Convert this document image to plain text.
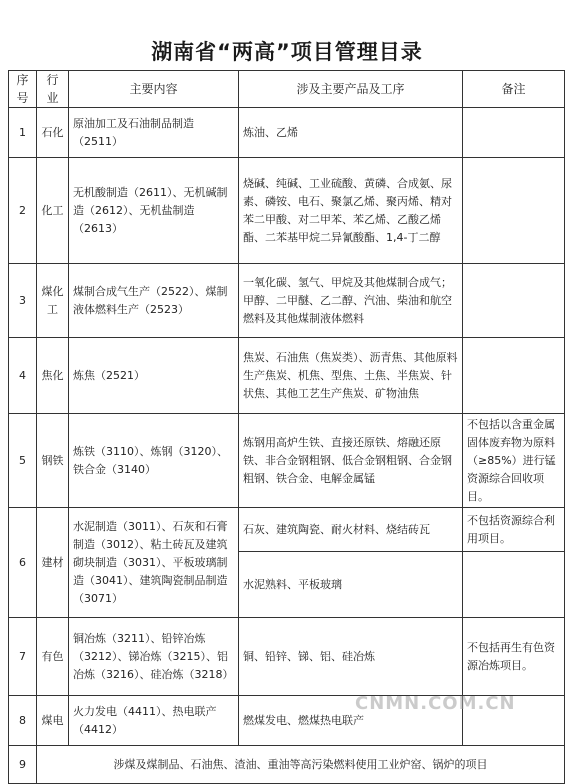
湖南省“两高”项目管理目录
序号	行业	主要内容	涉及主要产品及工序	备注
1	石化	原油加工及石油制品制造（2511）	炼油、乙烯	
2	化工	无机酸制造（2611）、无机碱制造（2612）、无机盐制造（2613）	烧碱、纯碱、工业硫酸、黄磷、合成氨、尿素、磷铵、电石、聚氯乙烯、聚丙烯、精对苯二甲酸、对二甲苯、苯乙烯、乙酸乙烯酯、二苯基甲烷二异氰酸酯、1,4-丁二醇	
3	煤化工	煤制合成气生产（2522）、煤制液体燃料生产（2523）	一氧化碳、氢气、甲烷及其他煤制合成气；甲醇、二甲醚、乙二醇、汽油、柴油和航空燃料及其他煤制液体燃料	
4	焦化	炼焦（2521）	焦炭、石油焦（焦炭类）、沥青焦、其他原料生产焦炭、机焦、型焦、土焦、半焦炭、针状焦、其他工艺生产焦炭、矿物油焦	
5	钢铁	炼铁（3110）、炼钢（3120）、铁合金（3140）	炼钢用高炉生铁、直接还原铁、熔融还原铁、非合金钢粗钢、低合金钢粗钢、合金钢粗钢、铁合金、电解金属锰	不包括以含重金属固体废弃物为原料（≥85%）进行锰资源综合回收项目。
6	建材	水泥制造（3011）、石灰和石膏制造（3012）、粘土砖瓦及建筑砌块制造（3031）、平板玻璃制造（3041）、建筑陶瓷制品制造（3071）	石灰、建筑陶瓷、耐火材料、烧结砖瓦	不包括资源综合利用项目。
			水泥熟料、平板玻璃	
7	有色	铜冶炼（3211）、铅锌冶炼（3212）、锑冶炼（3215）、铝冶炼（3216）、硅冶炼（3218）	铜、铅锌、锑、铝、硅冶炼	不包括再生有色资源冶炼项目。
8	煤电	火力发电（4411）、热电联产（4412）	燃煤发电、燃煤热电联产	
9	涉煤及煤制品、石油焦、渣油、重油等高污染燃料使用工业炉窑、锅炉的项目			
CNMN.COM.CN
